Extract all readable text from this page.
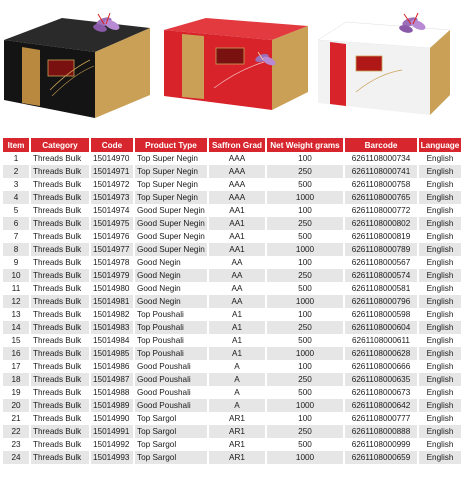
Item	Category	Code	Product Type	Saffron Grad	Net Weight grams	Barcode	Language
1	Threads Bulk	15014970	Top Super Negin	AAA	100	6261108000734	English
2	Threads Bulk	15014971	Top Super Negin	AAA	250	6261108000741	English
3	Threads Bulk	15014972	Top Super Negin	AAA	500	6261108000758	English
4	Threads Bulk	15014973	Top Super Negin	AAA	1000	6261108000765	English
5	Threads Bulk	15014974	Good Super Negin	AA1	100	6261108000772	English
6	Threads Bulk	15014975	Good Super Negin	AA1	250	6261108000802	English
7	Threads Bulk	15014976	Good Super Negin	AA1	500	6261108000819	English
8	Threads Bulk	15014977	Good Super Negin	AA1	1000	6261108000789	English
9	Threads Bulk	15014978	Good Negin	AA	100	6261108000567	English
10	Threads Bulk	15014979	Good Negin	AA	250	6261108000574	English
11	Threads Bulk	15014980	Good Negin	AA	500	6261108000581	English
12	Threads Bulk	15014981	Good Negin	AA	1000	6261108000796	English
13	Threads Bulk	15014982	Top Poushali	A1	100	6261108000598	English
14	Threads Bulk	15014983	Top Poushali	A1	250	6261108000604	English
15	Threads Bulk	15014984	Top Poushali	A1	500	6261108000611	English
16	Threads Bulk	15014985	Top Poushali	A1	1000	6261108000628	English
17	Threads Bulk	15014986	Good Poushali	A	100	6261108000666	English
18	Threads Bulk	15014987	Good Poushali	A	250	6261108000635	English
19	Threads Bulk	15014988	Good Poushali	A	500	6261108000673	English
20	Threads Bulk	15014989	Good Poushali	A	1000	6261108000642	English
21	Threads Bulk	15014990	Top Sargol	AR1	100	6261108000777	English
22	Threads Bulk	15014991	Top Sargol	AR1	250	6261108000888	English
23	Threads Bulk	15014992	Top Sargol	AR1	500	6261108000999	English
24	Threads Bulk	15014993	Top Sargol	AR1	1000	6261108000659	English
